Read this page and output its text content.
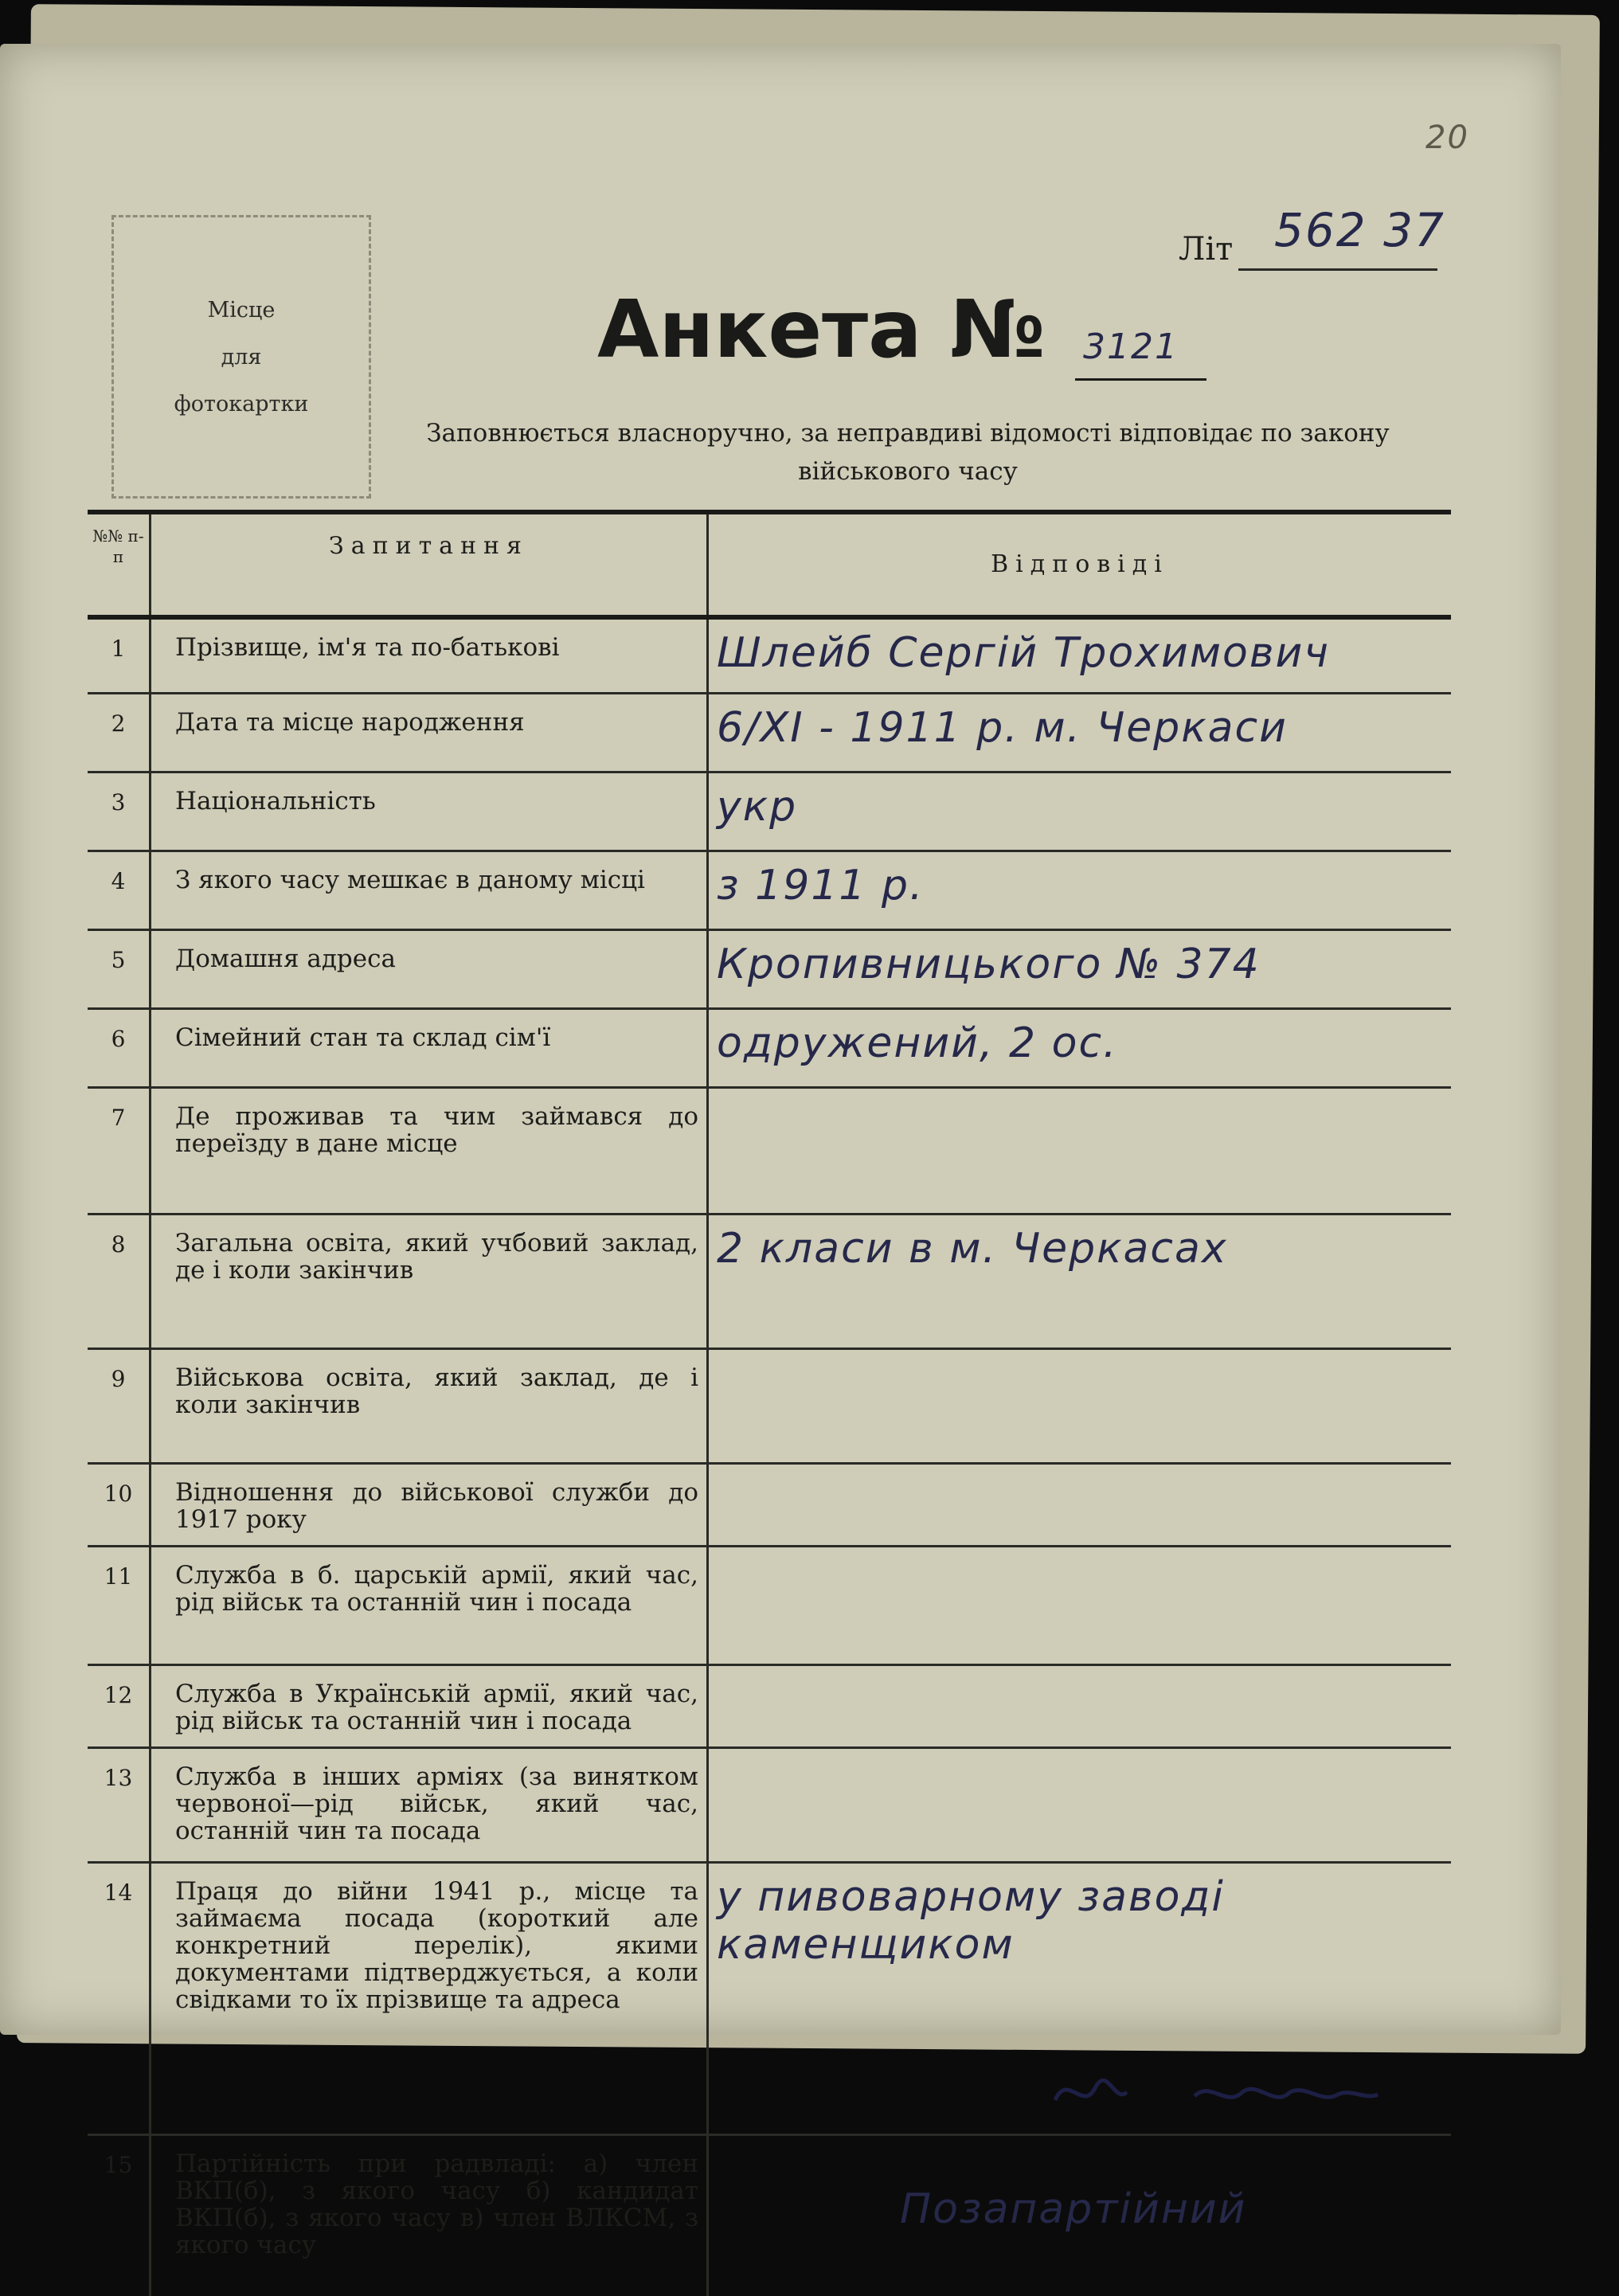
20
Літ 562 37
Місце
для
фотокартки
Анкета № 3121
Заповнюється власноручно, за неправдиві відомості відповідає по закону військового часу
№№ п-п	Запитання	Відповіді
1	Прізвище, ім'я та по-батькові	Шлейб Сергій Трохимович

2	Дата та місце народження	6/XI - 1911 р. м. Черкаси

3	Національність	укр

4	З якого часу мешкає в даному місці	з 1911 р.

5	Домашня адреса	Кропивницького № 374

6	Сімейний стан та склад сім'ї	одружений, 2 ос.

7	Де проживав та чим займався до переїзду в дане місце	

8	Загальна освіта, який учбовий заклад, де і коли закінчив	2 класи в м. Черкасах

9	Військова освіта, який заклад, де і коли закінчив	

10	Відношення до військової служби до 1917 року	

11	Служба в б. царській армії, який час, рід військ та останній чин і посада	

12	Служба в Українській армії, який час, рід військ та останній чин і посада	

13	Служба в інших арміях (за винятком червоної—рід військ, який час, останній чин та посада	

14	Праця до війни 1941 р., місце та займаєма посада (короткий але конкретний перелік), якими документами підтверджується, а коли свідками то їх прізвище та адреса	у пивоварному заводі каменщиком

15	Партійність при радвладі: а) член ВКП(б), з якого часу б) кандидат ВКП(б), з якого часу в) член ВЛКСМ, з якого часу	Позапартійний
